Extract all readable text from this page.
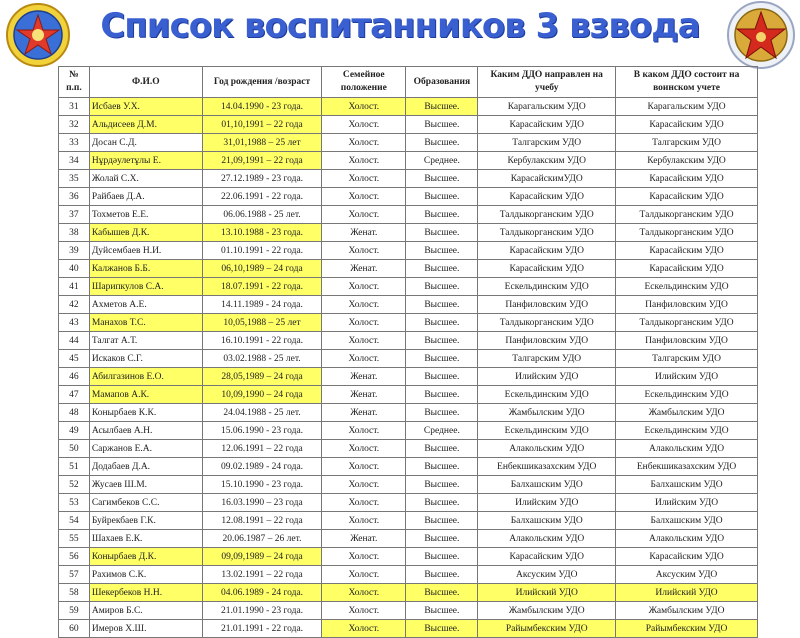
Список воспитанников 3 взвода
№ п.п.	Ф.И.О	Год рождения /возраст	Семейное положение	Образования	Каким ДДО направлен на учебу	В каком ДДО состоит на воинском учете
31	Исбаев У.Х.	14.04.1990 - 23 года.	Холост.	Высшее.	Карагальским УДО	Карагальским УДО
32	Альдисеев Д.М.	01,10,1991 – 22 года	Холост.	Высшее.	Карасайским УДО	Карасайским УДО
33	Досан С.Д.	31,01,1988 – 25 лет	Холост.	Высшее.	Талгарским УДО	Талгарским УДО
34	Нұрдәулетұлы Е.	21,09,1991 – 22 года	Холост.	Среднее.	Кербулакским УДО	Кербулакским УДО
35	Жолай С.Х.	27.12.1989 - 23 года.	Холост.	Высшее.	КарасайскимУДО	Карасайским УДО
36	Райбаев Д.А.	22.06.1991 - 22 года.	Холост.	Высшее.	Карасайским УДО	Карасайским УДО
37	Тохметов Е.Е.	06.06.1988 - 25 лет.	Холост.	Высшее.	Талдыкорганским УДО	Талдыкорганским УДО
38	Кабышев Д.К.	13.10.1988 - 23 года.	Женат.	Высшее.	Талдыкорганским УДО	Талдыкорганским УДО
39	Дуйсембаев Н.И.	01.10.1991 - 22 года.	Холост.	Высшее.	Карасайским УДО	Карасайским УДО
40	Калжанов Б.Б.	06,10,1989 – 24 года	Женат.	Высшее.	Карасайским УДО	Карасайским УДО
41	Шарипкулов С.А.	18.07.1991 - 22 года.	Холост.	Высшее.	Ескельдинским УДО	Ескельдинским УДО
42	Ахметов А.Е.	14.11.1989 - 24 года.	Холост.	Высшее.	Панфиловским УДО	Панфиловским УДО
43	Манахов Т.С.	10,05,1988 – 25 лет	Холост.	Высшее.	Талдыкорганским УДО	Талдыкорганским УДО
44	Талгат А.Т.	16.10.1991 - 22 года.	Холост.	Высшее.	Панфиловским УДО	Панфиловским УДО
45	Искаков С.Г.	03.02.1988 - 25 лет.	Холост.	Высшее.	Талгарским УДО	Талгарским УДО
46	Абилгазинов Е.О.	28,05,1989 – 24 года	Женат.	Высшее.	Илийским УДО	Илийским УДО
47	Мамапов А.К.	10,09,1990 – 24 года	Женат.	Высшее.	Ескельдинским УДО	Ескельдинским УДО
48	Конырбаев К.К.	24.04.1988 - 25 лет.	Женат.	Высшее.	Жамбылским УДО	Жамбылским УДО
49	Асылбаев А.Н.	15.06.1990 - 23 года.	Холост.	Среднее.	Ескельдинским УДО	Ескельдинским УДО
50	Саржанов Е.А.	12.06.1991 – 22 года	Холост.	Высшее.	Алакольским УДО	Алакольским УДО
51	Додабаев Д.А.	09.02.1989 - 24 года.	Холост.	Высшее.	Енбекшиказахским УДО	Енбекшиказахским УДО
52	Жусаев Ш.М.	15.10.1990 - 23 года.	Холост.	Высшее.	Балхашским УДО	Балхашским УДО
53	Сагимбеков С.С.	16.03.1990 – 23 года	Холост.	Высшее.	Илийским УДО	Илийским УДО
54	Буйрекбаев Г.К.	12.08.1991 – 22 года	Холост.	Высшее.	Балхашским УДО	Балхашским УДО
55	Шахаев Е.К.	20.06.1987 – 26 лет.	Женат.	Высшее.	Алакольским УДО	Алакольским УДО
56	Конырбаев Д.К.	09,09,1989 – 24 года	Холост.	Высшее.	Карасайским УДО	Карасайским УДО
57	Рахимов С.К.	13.02.1991 – 22 года	Холост.	Высшее.	Аксуским УДО	Аксуским УДО
58	Шекербеков Н.Н.	04.06.1989 - 24 года.	Холост.	Высшее.	Илийский УДО	Илийский УДО
59	Амиров Б.С.	21.01.1990 - 23 года.	Холост.	Высшее.	Жамбылским УДО	Жамбылским УДО
60	Имеров Х.Ш.	21.01.1991 - 22 года.	Холост.	Высшее.	Райымбекским УДО	Райымбекским УДО
